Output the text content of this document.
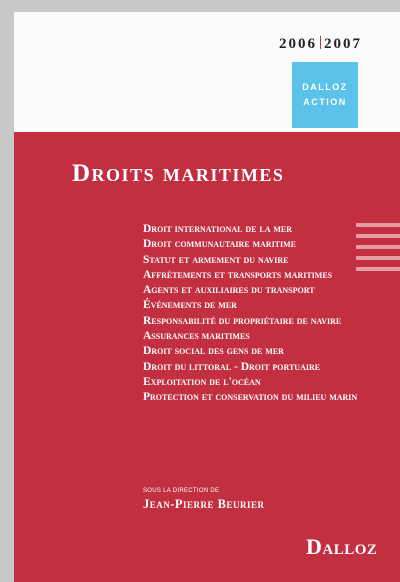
2006 2007
DALLOZ
ACTION
Droits maritimes
Droit international de la mer
Droit communautaire maritime
Statut et armement du navire
Affrètements et transports maritimes
Agents et auxiliaires du transport
Évènements de mer
Responsabilité du propriétaire de navire
Assurances maritimes
Droit social des gens de mer
Droit du littoral - Droit portuaire
Exploitation de l'océan
Protection et conservation du milieu marin
SOUS LA DIRECTION DE
Jean-Pierre Beurier
Dalloz
